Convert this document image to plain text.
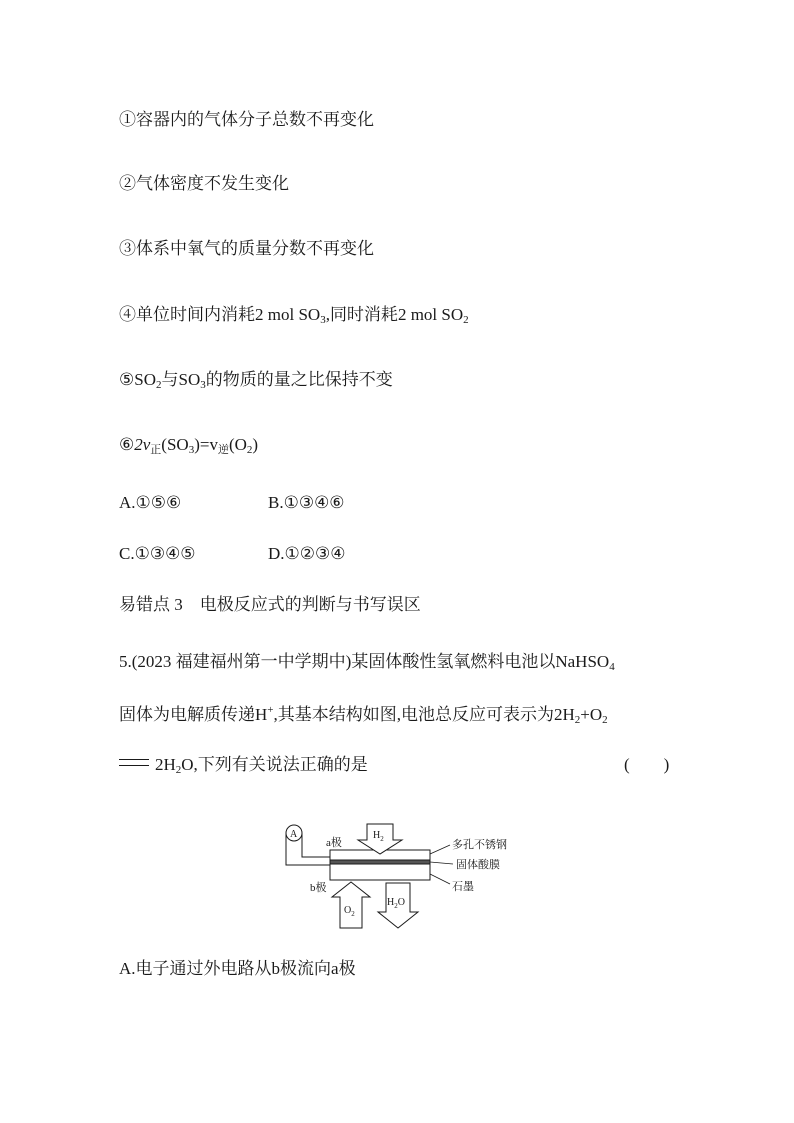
①容器内的气体分子总数不再变化
②气体密度不发生变化
③体系中氧气的质量分数不再变化
④单位时间内消耗2 mol $SO_3$,同时消耗2 mol $SO_2$
$⑤SO_2$与$SO_3$的物质的量之比保持不变
$⑥2v_正(SO_3)=v_逆(O_2)$
A.①⑤⑥	B.①③④⑥
C.①③④⑤	D.①②③④
易错点 3　电极反应式的判断与书写误区
5.(2023 福建福州第一中学期中)某固体酸性氢氧燃料电池以NaHSO$_4$
固体为电解质传递H+,其基本结构如图,电池总反应可表示为$2H_2+O_2$
$2H_2O$,下列有关说法正确的是	(　　)
A
a极
b极
$H_2$
$O_2$
$H_2O$
多孔不锈钢
固体酸膜
石墨
A.电子通过外电路从b极流向a极
